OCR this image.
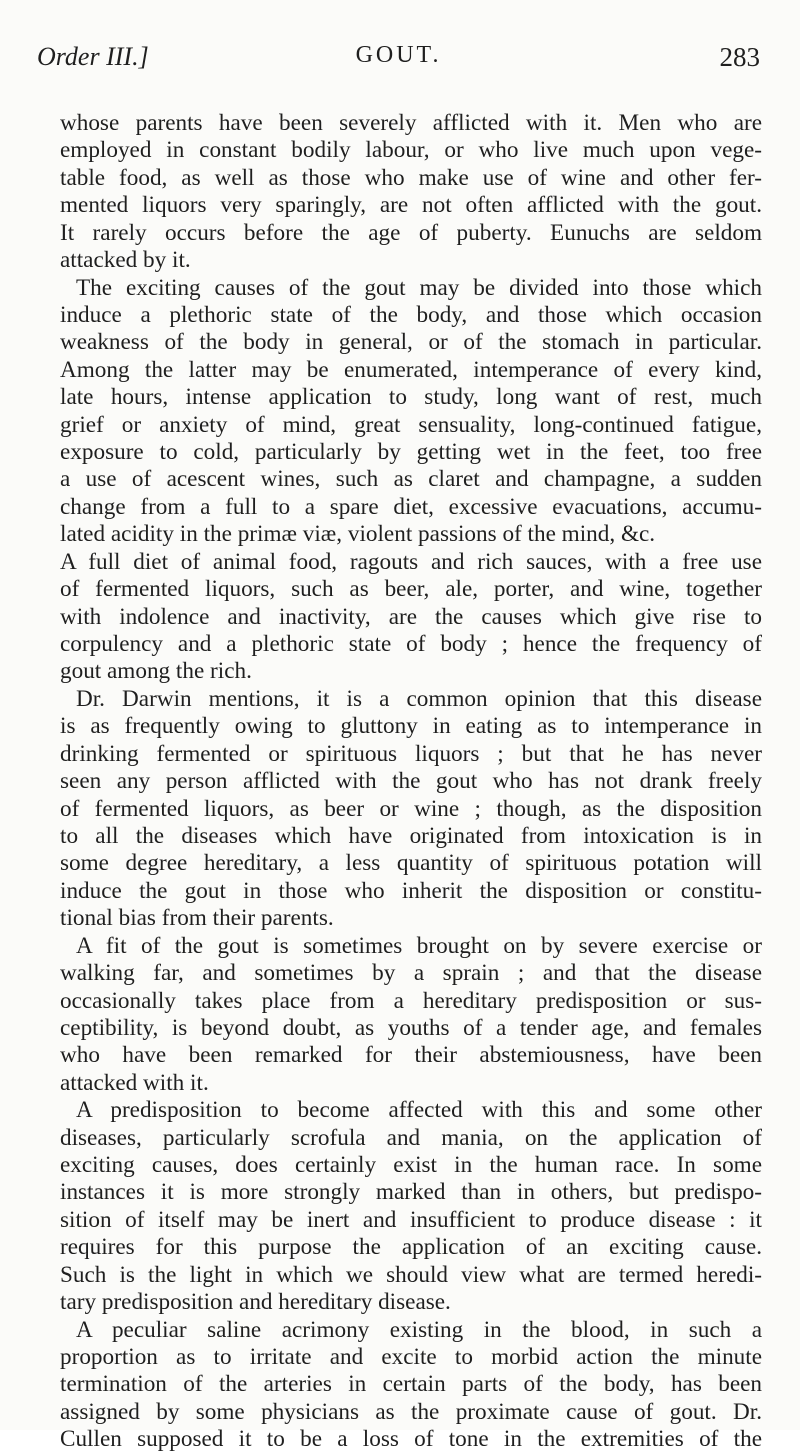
Order III.]	GOUT.	283
whose parents have been severely afflicted with it. Men who are
employed in constant bodily labour, or who live much upon vege-
table food, as well as those who make use of wine and other fer-
mented liquors very sparingly, are not often afflicted with the gout.
It rarely occurs before the age of puberty. Eunuchs are seldom
attacked by it.
The exciting causes of the gout may be divided into those which
induce a plethoric state of the body, and those which occasion
weakness of the body in general, or of the stomach in particular.
Among the latter may be enumerated, intemperance of every kind,
late hours, intense application to study, long want of rest, much
grief or anxiety of mind, great sensuality, long-continued fatigue,
exposure to cold, particularly by getting wet in the feet, too free
a use of acescent wines, such as claret and champagne, a sudden
change from a full to a spare diet, excessive evacuations, accumu-
lated acidity in the primæ viæ, violent passions of the mind, &c.
A full diet of animal food, ragouts and rich sauces, with a free use
of fermented liquors, such as beer, ale, porter, and wine, together
with indolence and inactivity, are the causes which give rise to
corpulency and a plethoric state of body ; hence the frequency of
gout among the rich.
Dr. Darwin mentions, it is a common opinion that this disease
is as frequently owing to gluttony in eating as to intemperance in
drinking fermented or spirituous liquors ; but that he has never
seen any person afflicted with the gout who has not drank freely
of fermented liquors, as beer or wine ; though, as the disposition
to all the diseases which have originated from intoxication is in
some degree hereditary, a less quantity of spirituous potation will
induce the gout in those who inherit the disposition or constitu-
tional bias from their parents.
A fit of the gout is sometimes brought on by severe exercise or
walking far, and sometimes by a sprain ; and that the disease
occasionally takes place from a hereditary predisposition or sus-
ceptibility, is beyond doubt, as youths of a tender age, and females
who have been remarked for their abstemiousness, have been
attacked with it.
A predisposition to become affected with this and some other
diseases, particularly scrofula and mania, on the application of
exciting causes, does certainly exist in the human race. In some
instances it is more strongly marked than in others, but predispo-
sition of itself may be inert and insufficient to produce disease : it
requires for this purpose the application of an exciting cause.
Such is the light in which we should view what are termed heredi-
tary predisposition and hereditary disease.
A peculiar saline acrimony existing in the blood, in such a
proportion as to irritate and excite to morbid action the minute
termination of the arteries in certain parts of the body, has been
assigned by some physicians as the proximate cause of gout. Dr.
Cullen supposed it to be a loss of tone in the extremities of the
